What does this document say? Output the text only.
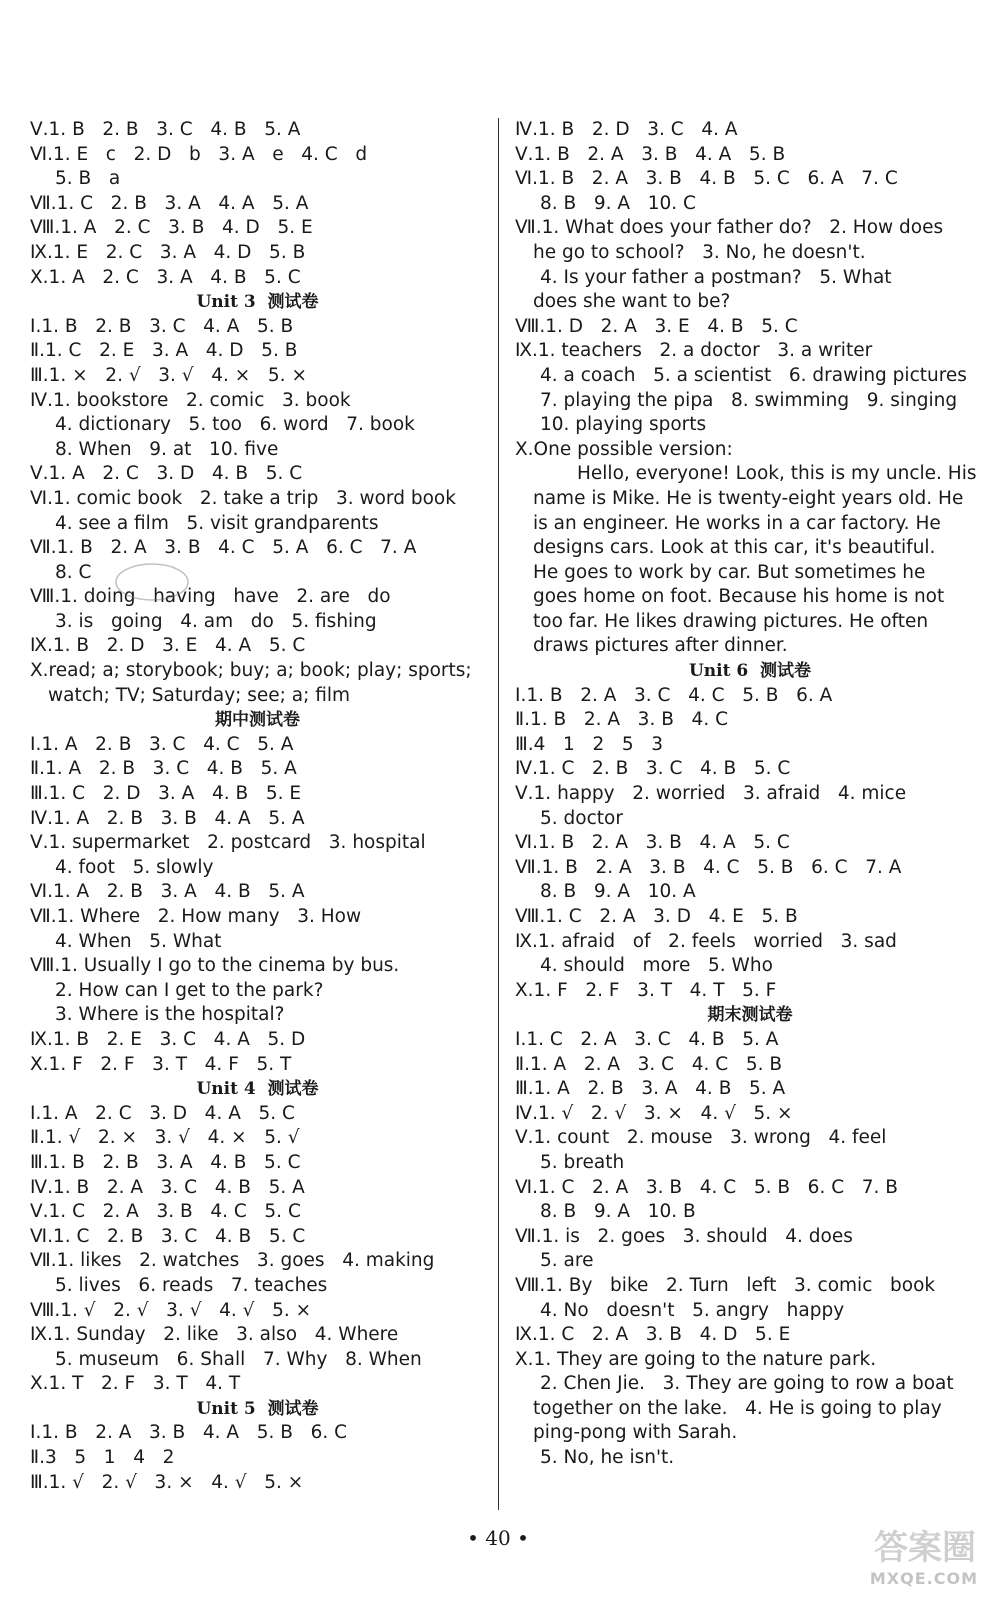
Ⅴ.1. B   2. B   3. C   4. B   5. A
Ⅵ.1. E   c   2. D   b   3. A   e   4. C   d
5. B   a
Ⅶ.1. C   2. B   3. A   4. A   5. A
Ⅷ.1. A   2. C   3. B   4. D   5. E
Ⅸ.1. E   2. C   3. A   4. D   5. B
Ⅹ.1. A   2. C   3. A   4. B   5. C
Unit 3  测试卷
Ⅰ.1. B   2. B   3. C   4. A   5. B
Ⅱ.1. C   2. E   3. A   4. D   5. B
Ⅲ.1. ×   2. √   3. √   4. ×   5. ×
Ⅳ.1. bookstore   2. comic   3. book
4. dictionary   5. too   6. word   7. book
8. When   9. at   10. five
Ⅴ.1. A   2. C   3. D   4. B   5. C
Ⅵ.1. comic book   2. take a trip   3. word book
4. see a film   5. visit grandparents
Ⅶ.1. B   2. A   3. B   4. C   5. A   6. C   7. A
8. C
Ⅷ.1. doing   having   have   2. are   do
3. is   going   4. am   do   5. fishing
Ⅸ.1. B   2. D   3. E   4. A   5. C
Ⅹ.read; a; storybook; buy; a; book; play; sports;
watch; TV; Saturday; see; a; film
期中测试卷
Ⅰ.1. A   2. B   3. C   4. C   5. A
Ⅱ.1. A   2. B   3. C   4. B   5. A
Ⅲ.1. C   2. D   3. A   4. B   5. E
Ⅳ.1. A   2. B   3. B   4. A   5. A
Ⅴ.1. supermarket   2. postcard   3. hospital
4. foot   5. slowly
Ⅵ.1. A   2. B   3. A   4. B   5. A
Ⅶ.1. Where   2. How many   3. How
4. When   5. What
Ⅷ.1. Usually I go to the cinema by bus.
2. How can I get to the park?
3. Where is the hospital?
Ⅸ.1. B   2. E   3. C   4. A   5. D
Ⅹ.1. F   2. F   3. T   4. F   5. T
Unit 4  测试卷
Ⅰ.1. A   2. C   3. D   4. A   5. C
Ⅱ.1. √   2. ×   3. √   4. ×   5. √
Ⅲ.1. B   2. B   3. A   4. B   5. C
Ⅳ.1. B   2. A   3. C   4. B   5. A
Ⅴ.1. C   2. A   3. B   4. C   5. C
Ⅵ.1. C   2. B   3. C   4. B   5. C
Ⅶ.1. likes   2. watches   3. goes   4. making
5. lives   6. reads   7. teaches
Ⅷ.1. √   2. √   3. √   4. √   5. ×
Ⅸ.1. Sunday   2. like   3. also   4. Where
5. museum   6. Shall   7. Why   8. When
Ⅹ.1. T   2. F   3. T   4. T
Unit 5  测试卷
Ⅰ.1. B   2. A   3. B   4. A   5. B   6. C
Ⅱ.3   5   1   4   2
Ⅲ.1. √   2. √   3. ×   4. √   5. ×
Ⅳ.1. B   2. D   3. C   4. A
Ⅴ.1. B   2. A   3. B   4. A   5. B
Ⅵ.1. B   2. A   3. B   4. B   5. C   6. A   7. C
8. B   9. A   10. C
Ⅶ.1. What does your father do?   2. How does
he go to school?   3. No, he doesn't.
4. Is your father a postman?   5. What
does she want to be?
Ⅷ.1. D   2. A   3. E   4. B   5. C
Ⅸ.1. teachers   2. a doctor   3. a writer
4. a coach   5. a scientist   6. drawing pictures
7. playing the pipa   8. swimming   9. singing
10. playing sports
Ⅹ.One possible version:
Hello, everyone! Look, this is my uncle. His
name is Mike. He is twenty-eight years old. He
is an engineer. He works in a car factory. He
designs cars. Look at this car, it's beautiful.
He goes to work by car. But sometimes he
goes home on foot. Because his home is not
too far. He likes drawing pictures. He often
draws pictures after dinner.
Unit 6  测试卷
Ⅰ.1. B   2. A   3. C   4. C   5. B   6. A
Ⅱ.1. B   2. A   3. B   4. C
Ⅲ.4   1   2   5   3
Ⅳ.1. C   2. B   3. C   4. B   5. C
Ⅴ.1. happy   2. worried   3. afraid   4. mice
5. doctor
Ⅵ.1. B   2. A   3. B   4. A   5. C
Ⅶ.1. B   2. A   3. B   4. C   5. B   6. C   7. A
8. B   9. A   10. A
Ⅷ.1. C   2. A   3. D   4. E   5. B
Ⅸ.1. afraid   of   2. feels   worried   3. sad
4. should   more   5. Who
Ⅹ.1. F   2. F   3. T   4. T   5. F
期末测试卷
Ⅰ.1. C   2. A   3. C   4. B   5. A
Ⅱ.1. A   2. A   3. C   4. C   5. B
Ⅲ.1. A   2. B   3. A   4. B   5. A
Ⅳ.1. √   2. √   3. ×   4. √   5. ×
Ⅴ.1. count   2. mouse   3. wrong   4. feel
5. breath
Ⅵ.1. C   2. A   3. B   4. C   5. B   6. C   7. B
8. B   9. A   10. B
Ⅶ.1. is   2. goes   3. should   4. does
5. are
Ⅷ.1. By   bike   2. Turn   left   3. comic   book
4. No   doesn't   5. angry   happy
Ⅸ.1. C   2. A   3. B   4. D   5. E
Ⅹ.1. They are going to the nature park.
2. Chen Jie.   3. They are going to row a boat
together on the lake.   4. He is going to play
ping-pong with Sarah.
5. No, he isn't.
• 40 •	答案圈
MXQE.COM
